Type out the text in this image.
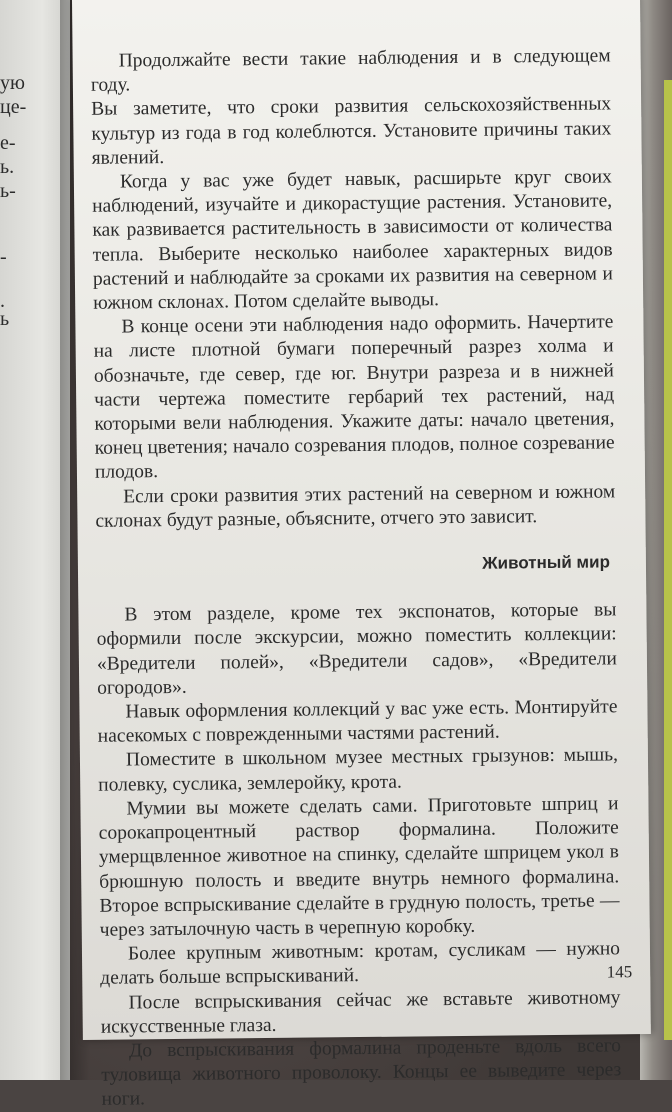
ую
це-
е-
ь.
ь-
-
.
ь

Продолжайте вести такие наблюдения и в следующем году.

Вы заметите, что сроки развития сельскохозяйственных культур из года в год колеблются. Установите причины таких явлений.

Когда у вас уже будет навык, расширьте круг своих наблюдений, изучайте и дикорастущие растения. Установите, как развивается растительность в зависимости от количества тепла. Выберите несколько наиболее характерных видов растений и наблюдайте за сроками их развития на северном и южном склонах. Потом сделайте выводы.

В конце осени эти наблюдения надо оформить. Начертите на листе плотной бумаги поперечный разрез холма и обозначьте, где север, где юг. Внутри разреза и в нижней части чертежа поместите гербарий тех растений, над которыми вели наблюдения. Укажите даты: начало цветения, конец цветения; начало созревания плодов, полное созревание плодов.

Если сроки развития этих растений на северном и южном склонах будут разные, объясните, отчего это зависит.

Животный мир

В этом разделе, кроме тех экспонатов, которые вы оформили после экскурсии, можно поместить коллекции: «Вредители полей», «Вредители садов», «Вредители огородов».

Навык оформления коллекций у вас уже есть. Монтируйте насекомых с поврежденными частями растений.

Поместите в школьном музее местных грызунов: мышь, полевку, суслика, землеройку, крота.

Мумии вы можете сделать сами. Приготовьте шприц и сорокапроцентный раствор формалина. Положите умерщвленное животное на спинку, сделайте шприцем укол в брюшную полость и введите внутрь немного формалина. Второе вспрыскивание сделайте в грудную полость, третье — через затылочную часть в черепную коробку.

Более крупным животным: кротам, сусликам — нужно делать больше вспрыскиваний.

После вспрыскивания сейчас же вставьте животному искусственные глаза.

До вспрыскивания формалина проденьте вдоль всего туловища животного проволоку. Концы ее выведите через ноги.

145
